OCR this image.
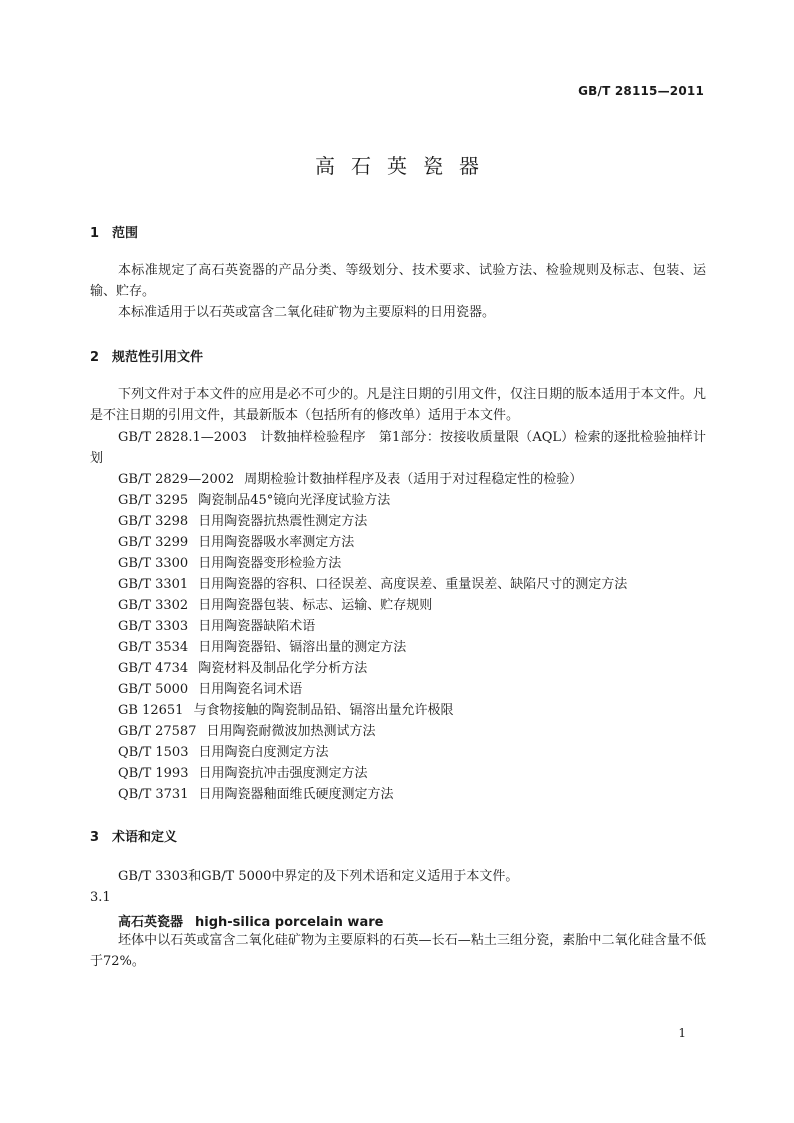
GB/T 28115—2011
高石英瓷器
1 范围

本标准规定了高石英瓷器的产品分类、等级划分、技术要求、试验方法、检验规则及标志、包装、运输、贮存。

本标准适用于以石英或富含二氧化硅矿物为主要原料的日用瓷器。

2 规范性引用文件

下列文件对于本文件的应用是必不可少的。凡是注日期的引用文件，仅注日期的版本适用于本文件。凡是不注日期的引用文件，其最新版本（包括所有的修改单）适用于本文件。

GB/T 2828.1—2003　计数抽样检验程序　第1部分：按接收质量限（AQL）检索的逐批检验抽样计划

GB/T 2829—2002 周期检验计数抽样程序及表（适用于对过程稳定性的检验）
GB/T 3295 陶瓷制品45°镜向光泽度试验方法
GB/T 3298 日用陶瓷器抗热震性测定方法
GB/T 3299 日用陶瓷器吸水率测定方法
GB/T 3300 日用陶瓷器变形检验方法
GB/T 3301 日用陶瓷器的容积、口径误差、高度误差、重量误差、缺陷尺寸的测定方法
GB/T 3302 日用陶瓷器包装、标志、运输、贮存规则
GB/T 3303 日用陶瓷器缺陷术语
GB/T 3534 日用陶瓷器铅、镉溶出量的测定方法
GB/T 4734 陶瓷材料及制品化学分析方法
GB/T 5000 日用陶瓷名词术语
GB 12651 与食物接触的陶瓷制品铅、镉溶出量允许极限
GB/T 27587 日用陶瓷耐微波加热测试方法
QB/T 1503 日用陶瓷白度测定方法
QB/T 1993 日用陶瓷抗冲击强度测定方法
QB/T 3731 日用陶瓷器釉面维氏硬度测定方法
3 术语和定义

GB/T 3303和GB/T 5000中界定的及下列术语和定义适用于本文件。

3.1
高石英瓷器 high-silica porcelain ware

坯体中以石英或富含二氧化硅矿物为主要原料的石英—长石—粘土三组分瓷，素胎中二氧化硅含量不低于72%。

1
